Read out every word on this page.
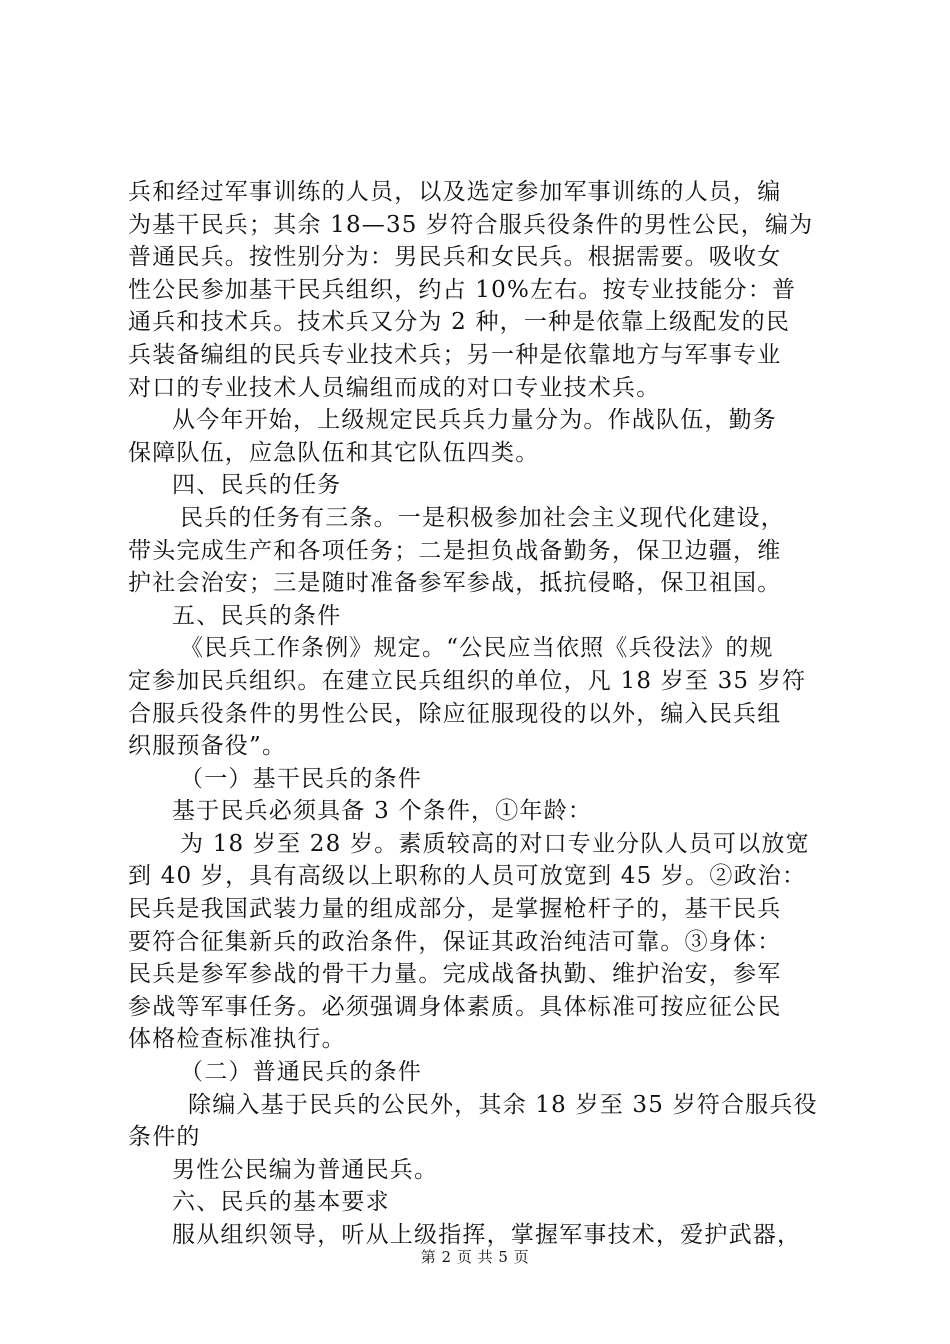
兵和经过军事训练的人员，以及选定参加军事训练的人员，编
为基干民兵；其余 18—35 岁符合服兵役条件的男性公民，编为
普通民兵。按性别分为：男民兵和女民兵。根据需要。吸收女
性公民参加基干民兵组织，约占 10%左右。按专业技能分：普
通兵和技术兵。技术兵又分为 2 种，一种是依靠上级配发的民
兵装备编组的民兵专业技术兵；另一种是依靠地方与军事专业
对口的专业技术人员编组而成的对口专业技术兵。
从今年开始，上级规定民兵兵力量分为。作战队伍，勤务
保障队伍，应急队伍和其它队伍四类。
四、民兵的任务
民兵的任务有三条。一是积极参加社会主义现代化建设，
带头完成生产和各项任务；二是担负战备勤务，保卫边疆，维
护社会治安；三是随时准备参军参战，抵抗侵略，保卫祖国。
五、民兵的条件
《民兵工作条例》规定。“公民应当依照《兵役法》的规
定参加民兵组织。在建立民兵组织的单位，凡 18 岁至 35 岁符
合服兵役条件的男性公民，除应征服现役的以外，编入民兵组
织服预备役”。
（一）基干民兵的条件
基于民兵必须具备 3 个条件，①年龄：
为 18 岁至 28 岁。素质较高的对口专业分队人员可以放宽
到 40 岁，具有高级以上职称的人员可放宽到 45 岁。②政治：
民兵是我国武装力量的组成部分，是掌握枪杆子的，基干民兵
要符合征集新兵的政治条件，保证其政治纯洁可靠。③身体：
民兵是参军参战的骨干力量。完成战备执勤、维护治安，参军
参战等军事任务。必须强调身体素质。具体标准可按应征公民
体格检查标准执行。
（二）普通民兵的条件
除编入基于民兵的公民外，其余 18 岁至 35 岁符合服兵役
条件的
男性公民编为普通民兵。
六、民兵的基本要求
服从组织领导，听从上级指挥，掌握军事技术，爱护武器，
第 2 页 共 5 页
